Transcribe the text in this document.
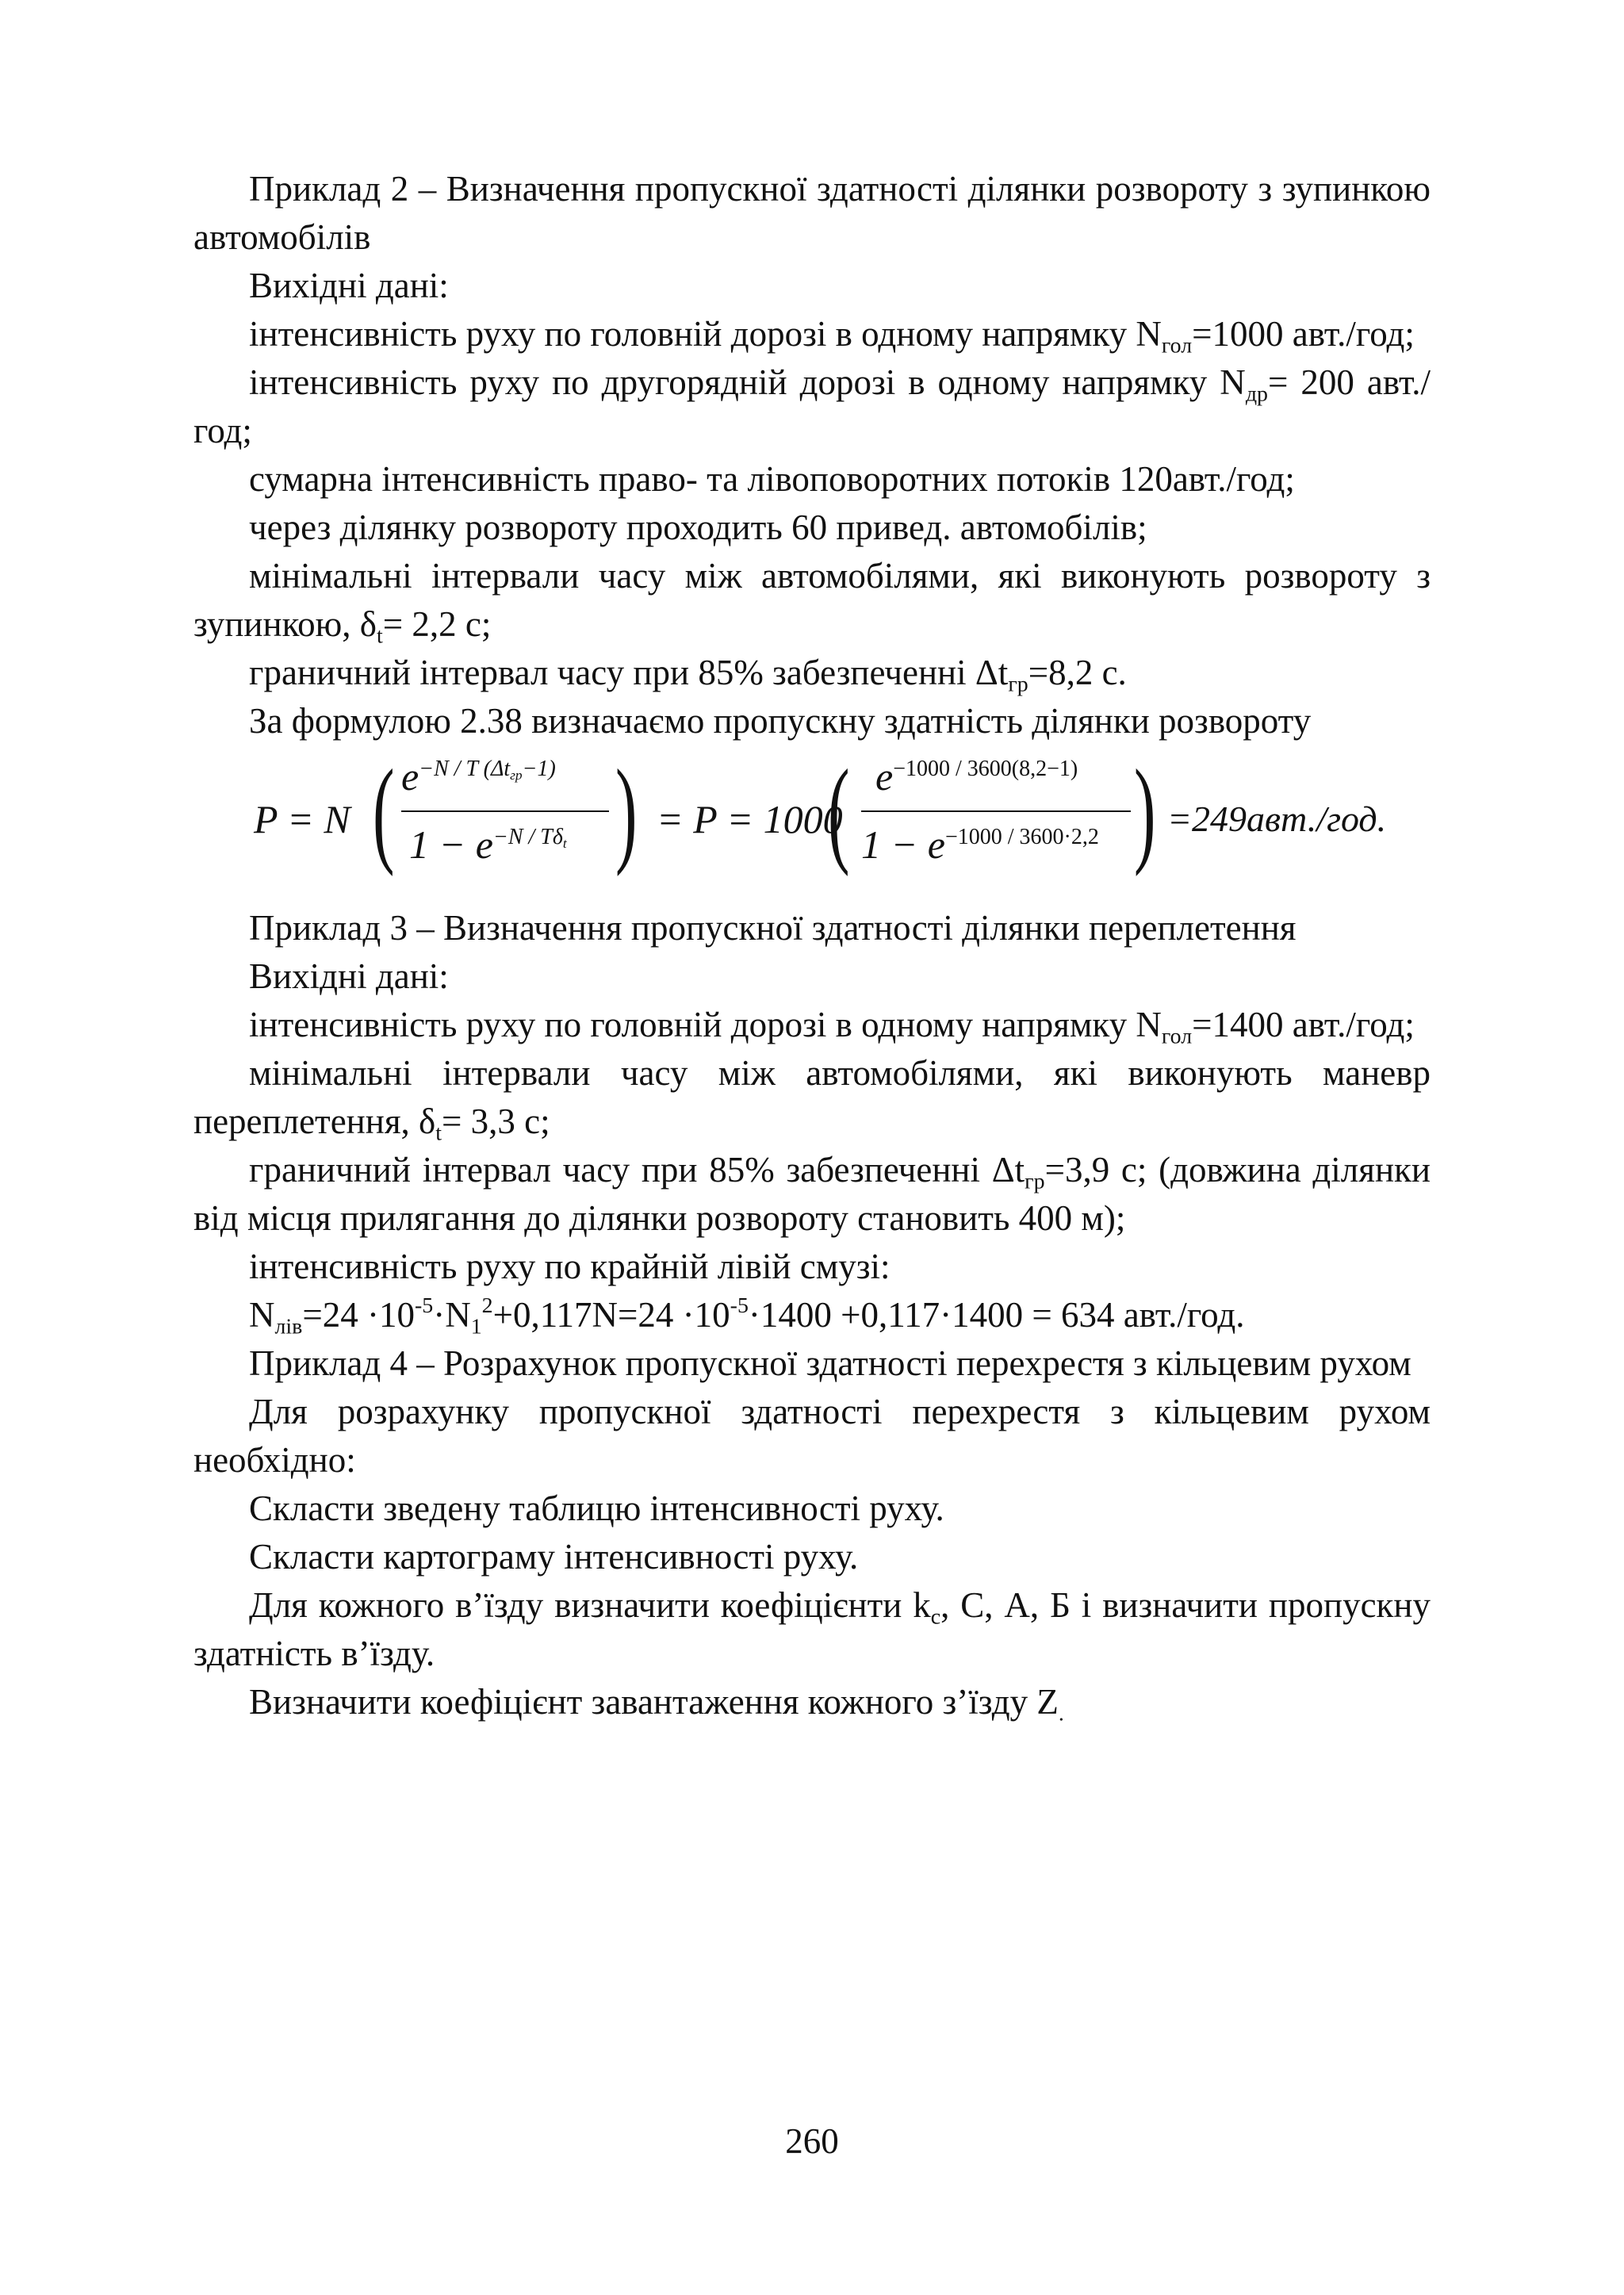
Приклад 2 – Визначення пропускної здатності ділянки розвороту з зупинкою автомобілів

Вихідні дані:

інтенсивність руху по головній дорозі в одному напрямку $N_{гол}=1000$ авт./год;

інтенсивність руху по другорядній дорозі в одному напрямку $N_{др}= 200$ авт./год;

сумарна інтенсивність право- та лівоповоротних потоків 120авт./год;

через ділянку розвороту проходить 60 привед. автомобілів;

мінімальні інтервали часу між автомобілями, які виконують розвороту з зупинкою, $\delta_t= 2,2$ с;

граничний інтервал часу при 85% забезпеченні $\Delta t_{гр}=8,2$ с.

За формулою 2.38 визначаємо пропускну здатність ділянки розвороту

P = N ( $e^{-N / T (\Delta t_{гр}-1)}$
$1 - e^{-N / T\delta_t}$ ) = P = 1000
( $e^{-1000 / 3600(8,2-1)}$
$1 - e^{-1000 / 3600\cdot 2,2}$ ) =249авт./год.

Приклад 3 – Визначення пропускної здатності ділянки переплетення

Вихідні дані:

інтенсивність руху по головній дорозі в одному напрямку $N_{гол}=1400$ авт./год;

мінімальні інтервали часу між автомобілями, які виконують маневр переплетення, $\delta_t= 3,3$ с;

граничний інтервал часу при 85% забезпеченні $\Delta t_{гр}=3,9$ с; (довжина ділянки від місця прилягання до ділянки розвороту становить 400 м);

інтенсивність руху по крайній лівій смузі:

$N_{лів}=24 \cdot 10^{-5}\cdot N_1^2+0,117N=24 \cdot 10^{-5}\cdot 1400 +0,117\cdot 1400 = 634$ авт./год.

Приклад 4 – Розрахунок пропускної здатності перехрестя з кільцевим рухом

Для розрахунку пропускної здатності перехрестя з кільцевим рухом необхідно:

Скласти зведену таблицю інтенсивності руху.

Скласти картограму інтенсивності руху.

Для кожного в’їзду визначити коефіцієнти $k_c$, С, А, Б і визначити пропускну здатність в’їзду.

Визначити коефіцієнт завантаження кожного з’їзду $Z_.$

260
